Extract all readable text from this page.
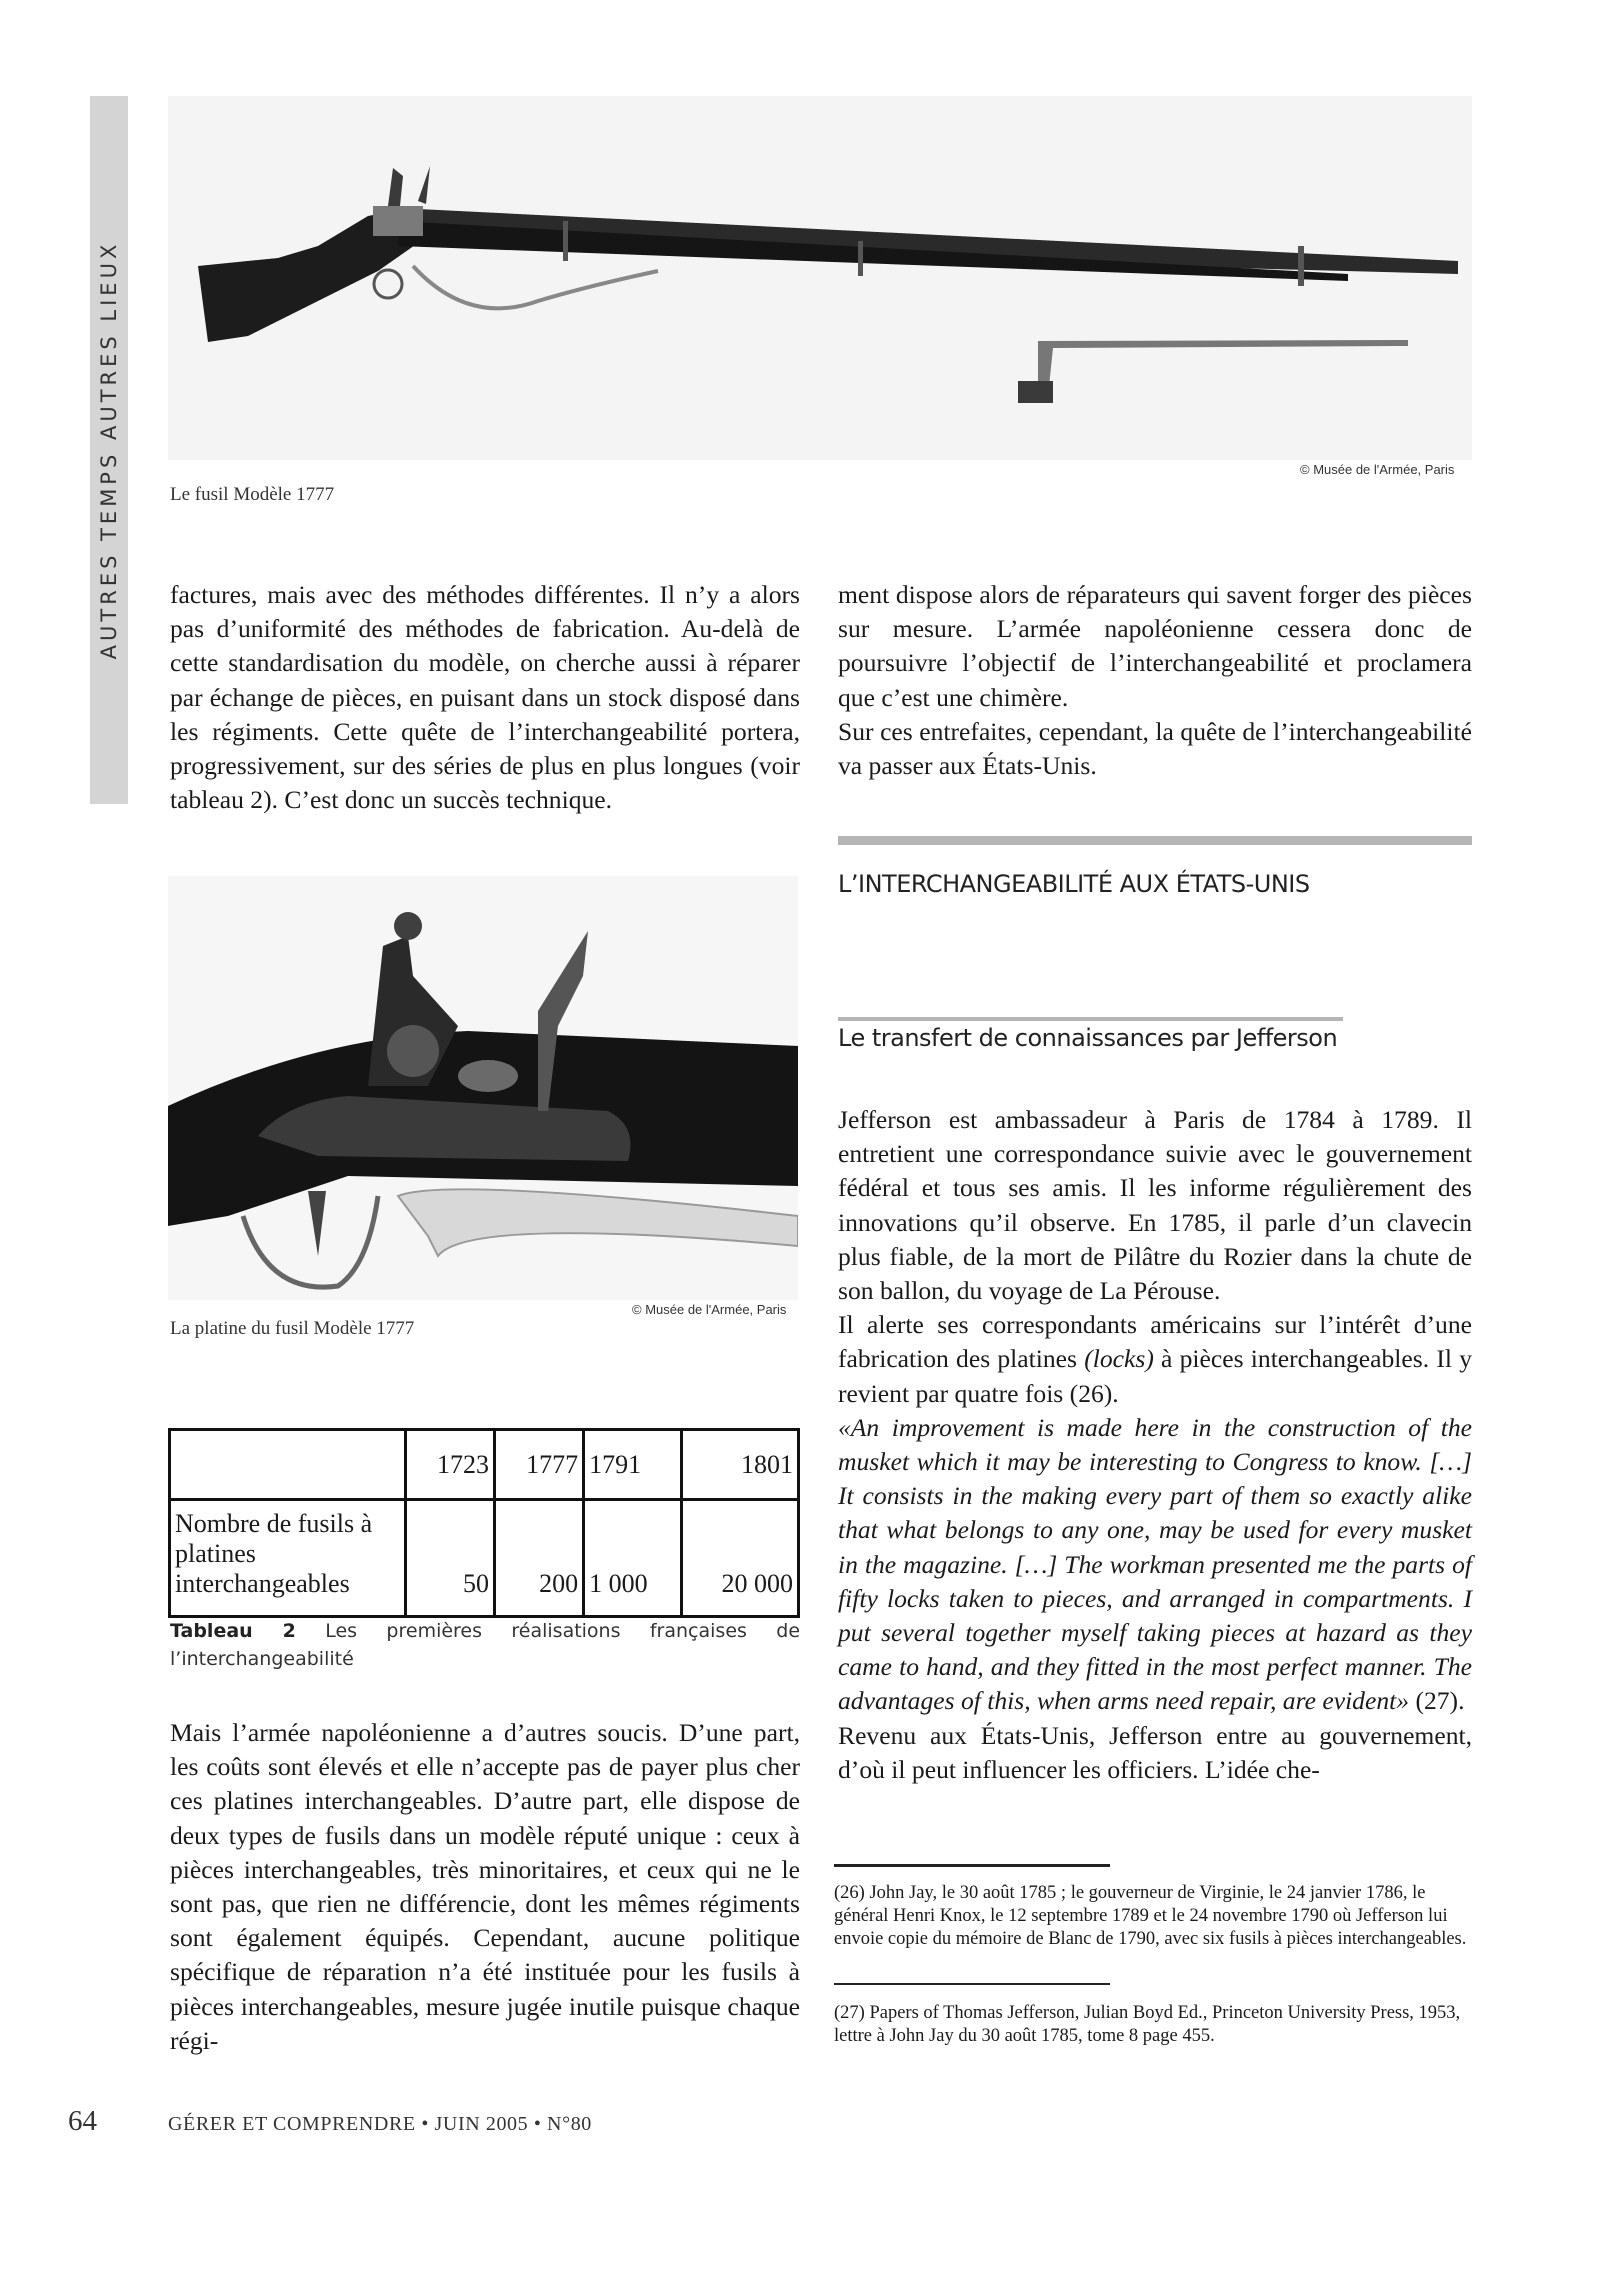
AUTRES TEMPS AUTRES LIEUX	© Musée de l'Armée, Paris
Le fusil Modèle 1777

factures, mais avec des méthodes différentes. Il n’y a alors pas d’uniformité des méthodes de fabrication. Au-delà de cette standardisation du modèle, on cherche aussi à réparer par échange de pièces, en puisant dans un stock disposé dans les régiments. Cette quête de l’interchangeabilité portera, progressivement, sur des séries de plus en plus longues (voir tableau 2). C’est donc un succès technique.

© Musée de l'Armée, Paris
La platine du fusil Modèle 1777
	1723	1777	1791	1801
Nombre de fusils à platines interchangeables	50	200	1 000	20 000
Tableau 2 Les premières réalisations françaises de l’interchangeabilité

Mais l’armée napoléonienne a d’autres soucis. D’une part, les coûts sont élevés et elle n’accepte pas de payer plus cher ces platines interchangeables. D’autre part, elle dispose de deux types de fusils dans un modèle réputé unique : ceux à pièces interchangeables, très minoritaires, et ceux qui ne le sont pas, que rien ne différencie, dont les mêmes régiments sont également équipés. Cependant, aucune politique spécifique de réparation n’a été instituée pour les fusils à pièces interchangeables, mesure jugée inutile puisque chaque régi-

ment dispose alors de réparateurs qui savent forger des pièces sur mesure. L’armée napoléonienne cessera donc de poursuivre l’objectif de l’interchangeabilité et proclamera que c’est une chimère.

Sur ces entrefaites, cependant, la quête de l’interchangeabilité va passer aux États-Unis.

L’INTERCHANGEABILITÉ AUX ÉTATS-UNIS
Le transfert de connaissances par Jefferson

Jefferson est ambassadeur à Paris de 1784 à 1789. Il entretient une correspondance suivie avec le gouvernement fédéral et tous ses amis. Il les informe régulièrement des innovations qu’il observe. En 1785, il parle d’un clavecin plus fiable, de la mort de Pilâtre du Rozier dans la chute de son ballon, du voyage de La Pérouse.

Il alerte ses correspondants américains sur l’intérêt d’une fabrication des platines (locks) à pièces interchangeables. Il y revient par quatre fois (26).

«An improvement is made here in the construction of the musket which it may be interesting to Congress to know. […] It consists in the making every part of them so exactly alike that what belongs to any one, may be used for every musket in the magazine. […] The workman presented me the parts of fifty locks taken to pieces, and arranged in compartments. I put several together myself taking pieces at hazard as they came to hand, and they fitted in the most perfect manner. The advantages of this, when arms need repair, are evident» (27).

Revenu aux États-Unis, Jefferson entre au gouvernement, d’où il peut influencer les officiers. L’idée che-

(26) John Jay, le 30 août 1785 ; le gouverneur de Virginie, le 24 janvier 1786, le général Henri Knox, le 12 septembre 1789 et le 24 novembre 1790 où Jefferson lui envoie copie du mémoire de Blanc de 1790, avec six fusils à pièces interchangeables.

(27) Papers of Thomas Jefferson, Julian Boyd Ed., Princeton University Press, 1953, lettre à John Jay du 30 août 1785, tome 8 page 455.

64	GÉRER ET COMPRENDRE • JUIN 2005 • N°80
